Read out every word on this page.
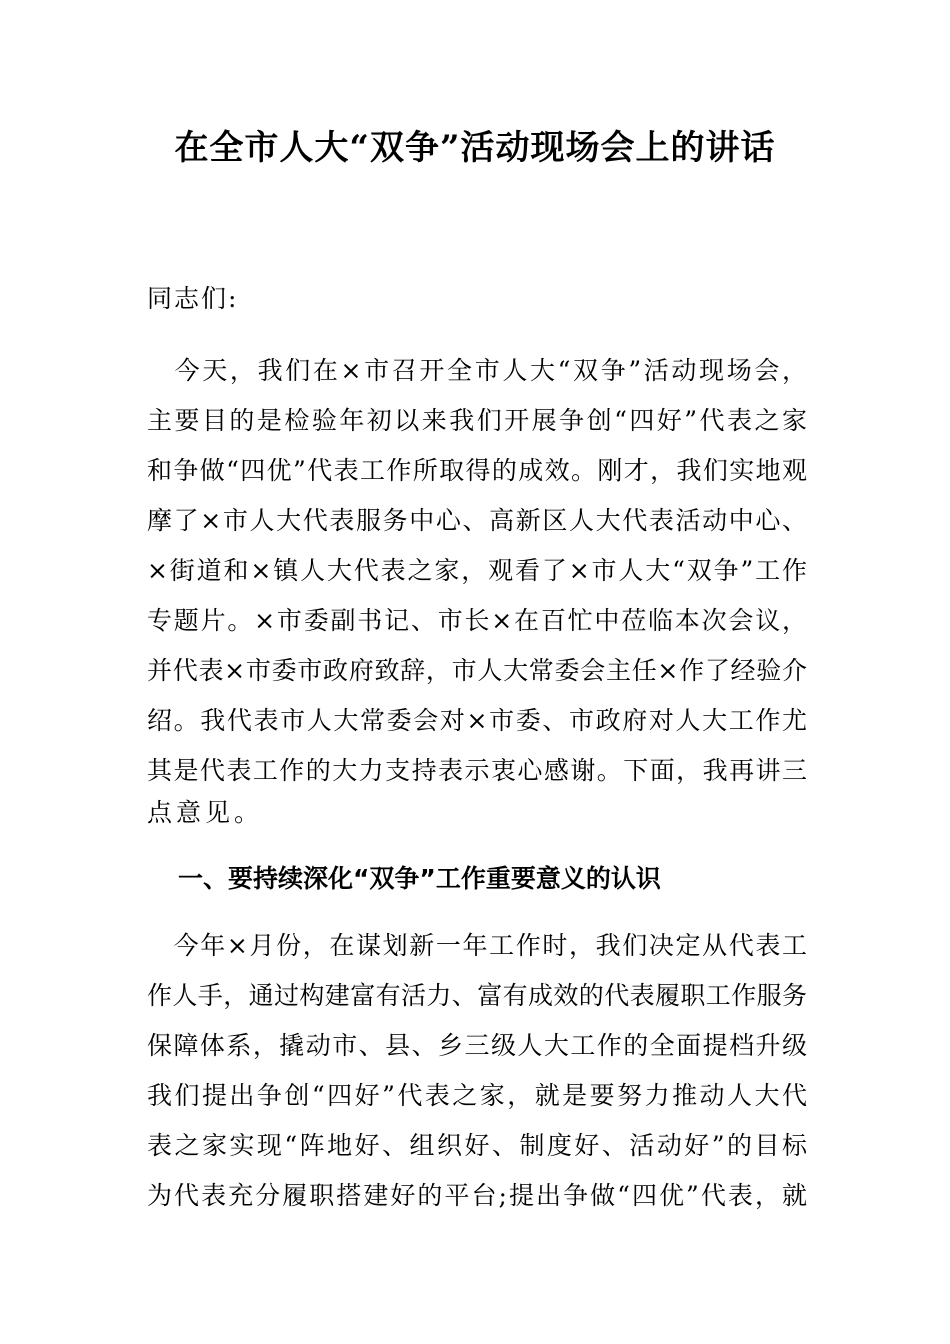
在全市人大“双争”活动现场会上的讲话
同志们:
　今天，我们在×市召开全市人大“双争”活动现场会，
主要目的是检验年初以来我们开展争创“四好”代表之家
和争做“四优”代表工作所取得的成效。刚才，我们实地观
摩了×市人大代表服务中心、高新区人大代表活动中心、
×街道和×镇人大代表之家，观看了×市人大“双争”工作
专题片。×市委副书记、市长×在百忙中莅临本次会议，
并代表×市委市政府致辞，市人大常委会主任×作了经验介
绍。我代表市人大常委会对×市委、市政府对人大工作尤
其是代表工作的大力支持表示衷心感谢。下面，我再讲三
点意见。
一、要持续深化“双争”工作重要意义的认识
　今年×月份，在谋划新一年工作时，我们决定从代表工
作人手，通过构建富有活力、富有成效的代表履职工作服务
保障体系，撬动市、县、乡三级人大工作的全面提档升级
我们提出争创“四好”代表之家，就是要努力推动人大代
表之家实现“阵地好、组织好、制度好、活动好”的目标
为代表充分履职搭建好的平台;提出争做“四优”代表，就
